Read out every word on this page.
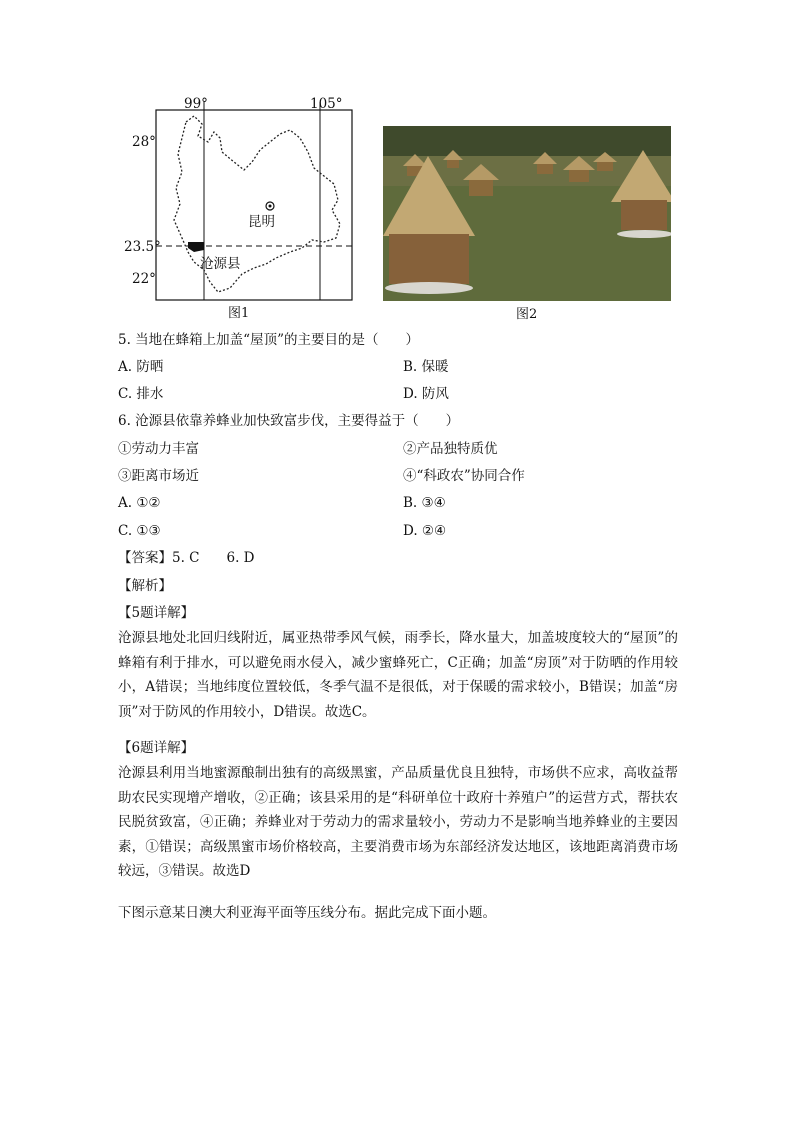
99°	105°
28°
23.5°
22°
昆明
沧源县
图1	图2
5. 当地在蜂箱上加盖“屋顶”的主要目的是（　　）
A. 防晒	B. 保暖
C. 排水	D. 防风
6. 沧源县依靠养蜂业加快致富步伐，主要得益于（　　）
①劳动力丰富	②产品独特质优
③距离市场近	④“科政农”协同合作
A. ①②	B. ③④
C. ①③	D. ②④
【答案】5. C　　6. D
【解析】
【5题详解】
沧源县地处北回归线附近，属亚热带季风气候，雨季长，降水量大，加盖坡度较大的“屋顶”的蜂箱有利于排水，可以避免雨水侵入，减少蜜蜂死亡，C正确；加盖“房顶”对于防晒的作用较小，A错误；当地纬度位置较低，冬季气温不是很低，对于保暖的需求较小，B错误；加盖“房顶”对于防风的作用较小，D错误。故选C。
【6题详解】
沧源县利用当地蜜源酿制出独有的高级黑蜜，产品质量优良且独特，市场供不应求，高收益帮助农民实现增产增收，②正确；该县采用的是“科研单位十政府十养殖户”的运营方式，帮扶农民脱贫致富，④正确；养蜂业对于劳动力的需求量较小，劳动力不是影响当地养蜂业的主要因素，①错误；高级黑蜜市场价格较高，主要消费市场为东部经济发达地区，该地距离消费市场较远，③错误。故选D
下图示意某日澳大利亚海平面等压线分布。据此完成下面小题。
